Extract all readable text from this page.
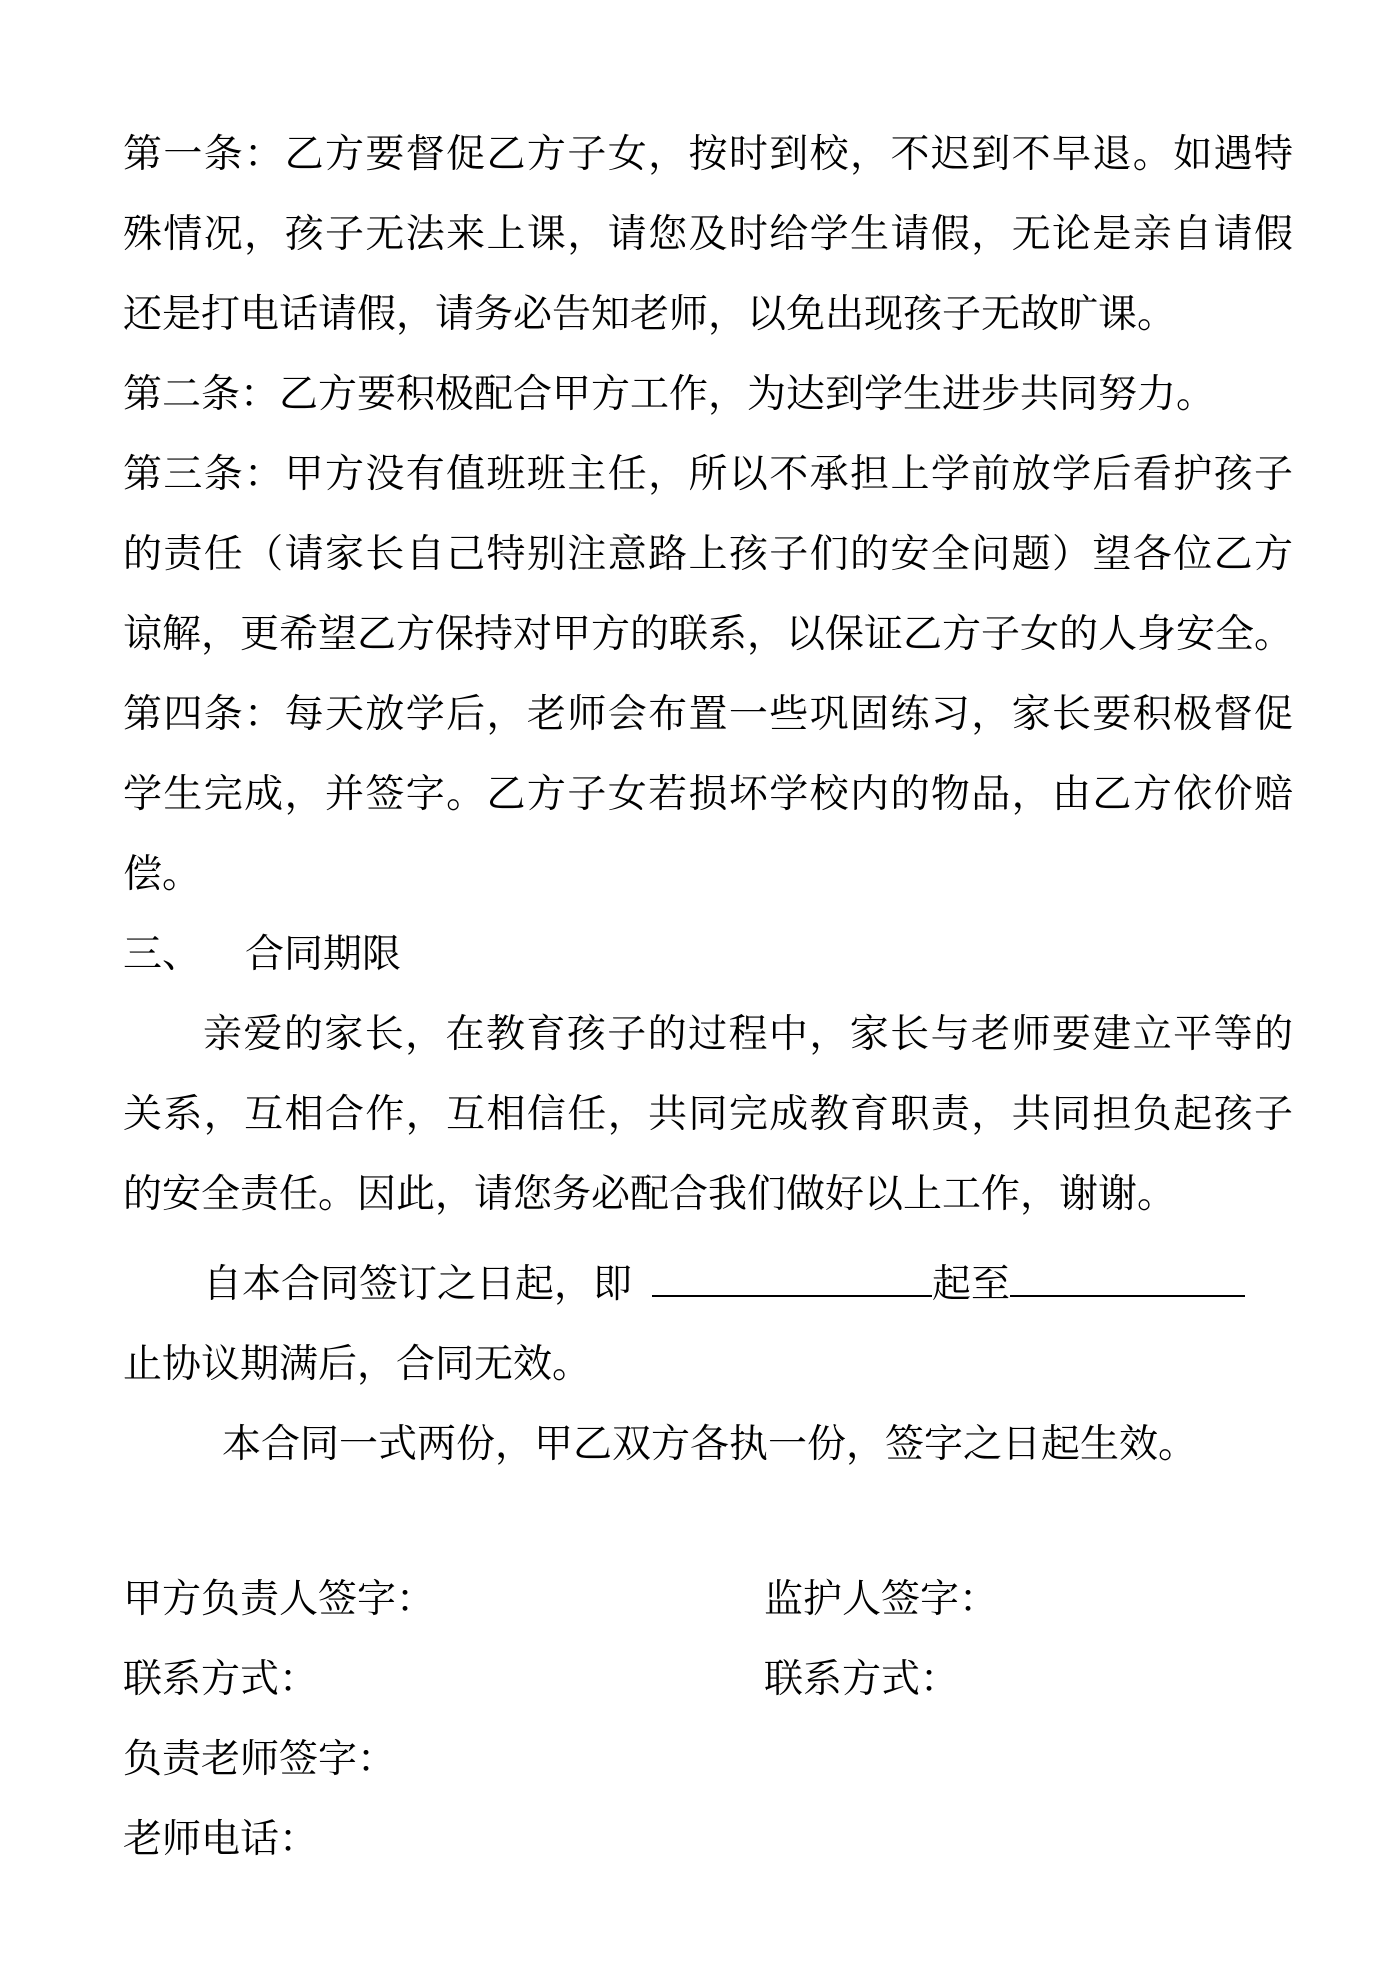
第一条：乙方要督促乙方子女，按时到校，不迟到不早退。如遇特
殊情况，孩子无法来上课，请您及时给学生请假，无论是亲自请假
还是打电话请假，请务必告知老师，以免出现孩子无故旷课。
第二条：乙方要积极配合甲方工作，为达到学生进步共同努力。
第三条：甲方没有值班班主任，所以不承担上学前放学后看护孩子
的责任（请家长自己特别注意路上孩子们的安全问题）望各位乙方
谅解，更希望乙方保持对甲方的联系，以保证乙方子女的人身安全。
第四条：每天放学后，老师会布置一些巩固练习，家长要积极督促
学生完成，并签字。乙方子女若损坏学校内的物品，由乙方依价赔
偿。
三、 合同期限
亲爱的家长，在教育孩子的过程中，家长与老师要建立平等的
关系，互相合作，互相信任，共同完成教育职责，共同担负起孩子
的安全责任。因此，请您务必配合我们做好以上工作，谢谢。
自本合同签订之日起，即	起至
止协议期满后，合同无效。
本合同一式两份，甲乙双方各执一份，签字之日起生效。
甲方负责人签字：	监护人签字：
联系方式：	联系方式：
负责老师签字：
老师电话：
